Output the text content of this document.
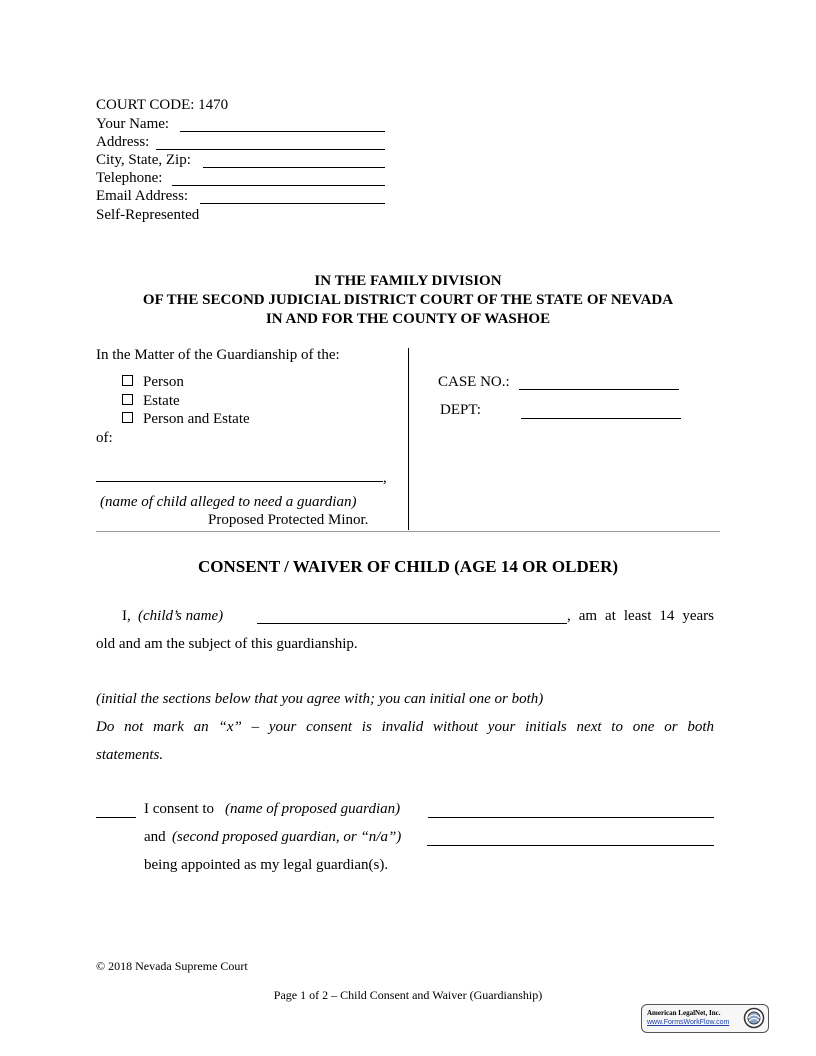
COURT CODE: 1470
Your Name:
Address:
City, State, Zip:
Telephone:
Email Address:
Self-Represented
IN THE FAMILY DIVISION
OF THE SECOND JUDICIAL DISTRICT COURT OF THE STATE OF NEVADA
IN AND FOR THE COUNTY OF WASHOE
In the Matter of the Guardianship of the:
Person
Estate
Person and Estate
of:
,
(name of child alleged to need a guardian)
Proposed Protected Minor.
CASE NO.:
DEPT:
CONSENT / WAIVER OF CHILD (AGE 14 OR OLDER)
I, (child’s name)	, am at least 14 years
old and am the subject of this guardianship.
(initial the sections below that you agree with; you can initial one or both)
Do not mark an “x” – your consent is invalid without your initials next to one or both
statements.
I consent to (name of proposed guardian)
and (second proposed guardian, or “n/a”)
being appointed as my legal guardian(s).
© 2018 Nevada Supreme Court
Page 1 of 2 – Child Consent and Waiver (Guardianship)
American LegalNet, Inc.
www.FormsWorkFlow.com
